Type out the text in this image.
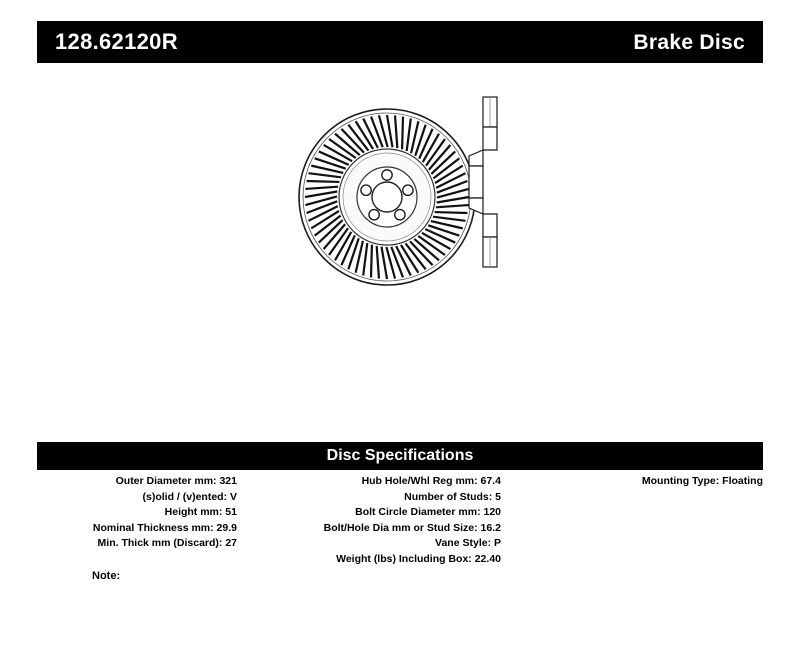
128.62120R	Brake Disc
Disc Specifications
Outer Diameter mm: 321
(s)olid / (v)ented: V
Height mm: 51
Nominal Thickness mm: 29.9
Min. Thick mm (Discard): 27
Hub Hole/Whl Reg mm: 67.4
Number of Studs: 5
Bolt Circle Diameter mm: 120
Bolt/Hole Dia mm or Stud Size: 16.2
Vane Style: P
Weight (lbs) Including Box: 22.40
Mounting Type: Floating
Note:
